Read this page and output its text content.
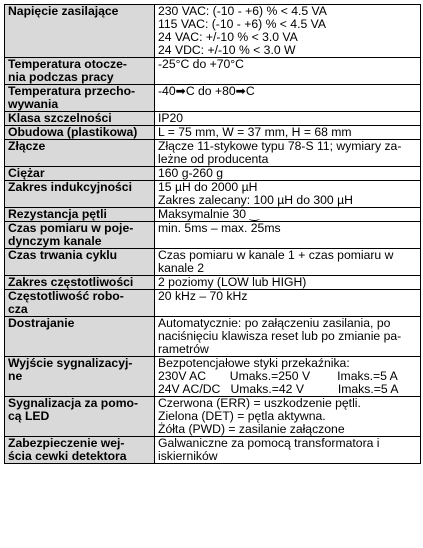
Napięcie zasilające	230 VAC: (-10 - +6) % < 4.5 VA
115 VAC: (-10 - +6) % < 4.5 VA
24 VAC: +/-10 % < 3.0 VA
24 VDC: +/-10 % < 3.0 W

Temperatura otocze-
nia podczas pracy	-25°C do +70°C

Temperatura przecho-
wywania	-40➡C do +80➡C

Klasa szczelności	IP20

Obudowa (plastikowa)	L = 75 mm, W = 37 mm, H = 68 mm

Złącze	Złącze 11-stykowe typu 78-S 11; wymiary za-
leżne od producenta

Ciężar	160 g-260 g

Zakres indukcyjności	15 µH do 2000 µH
Zakres zalecany: 100 µH do 300 µH

Rezystancja pętli	Maksymalnie 30 ‿

Czas pomiaru w poje-
dynczym kanale	min. 5ms – max. 25ms

Czas trwania cyklu	Czas pomiaru w kanale 1 + czas pomiaru w
kanale 2

Zakres częstotliwości	2 poziomy (LOW lub HIGH)

Częstotliwość robo-
cza	20 kHz – 70 kHz

Dostrajanie	Automatycznie: po załączeniu zasilania, po
naciśnięciu klawisza reset lub po zmianie pa-
rametrów

Wyjście sygnalizacyj-
ne	Bezpotencjałowe styki przekaźnika:
230V AC       Umaks.=250 V        Imaks.=5 A
24V AC/DC   Umaks.=42 V          Imaks.=5 A

Sygnalizacja za pomo-
cą LED	Czerwona (ERR) = uszkodzenie pętli.
Zielona (DET) = pętla aktywna.
Żółta (PWD) = zasilanie załączone

Zabezpieczenie wej-
ścia cewki detektora	Galwaniczne za pomocą transformatora i
iskierników
